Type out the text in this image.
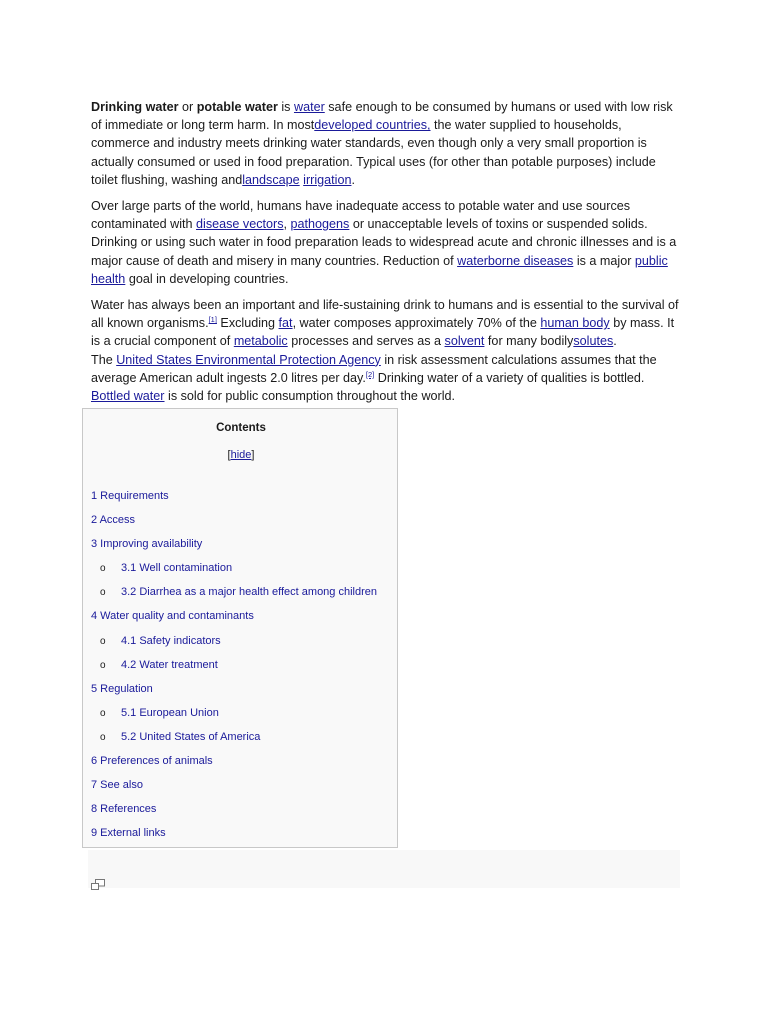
Drinking water or potable water is water safe enough to be consumed by humans or used with low risk of immediate or long term harm. In mostdeveloped countries, the water supplied to households, commerce and industry meets drinking water standards, even though only a very small proportion is actually consumed or used in food preparation. Typical uses (for other than potable purposes) include toilet flushing, washing andlandscape irrigation.

Over large parts of the world, humans have inadequate access to potable water and use sources contaminated with disease vectors, pathogens or unacceptable levels of toxins or suspended solids. Drinking or using such water in food preparation leads to widespread acute and chronic illnesses and is a major cause of death and misery in many countries. Reduction of waterborne diseases is a major public health goal in developing countries.

Water has always been an important and life-sustaining drink to humans and is essential to the survival of all known organisms.[1] Excluding fat, water composes approximately 70% of the human body by mass. It is a crucial component of metabolic processes and serves as a solvent for many bodilysolutes.
The United States Environmental Protection Agency in risk assessment calculations assumes that the average American adult ingests 2.0 litres per day.[2] Drinking water of a variety of qualities is bottled. Bottled water is sold for public consumption throughout the world.

Contents
[hide]
1 Requirements
2 Access
3 Improving availability
o 3.1 Well contamination
o 3.2 Diarrhea as a major health effect among children
4 Water quality and contaminants
o 4.1 Safety indicators
o 4.2 Water treatment
5 Regulation
o 5.1 European Union
o 5.2 United States of America
6 Preferences of animals
7 See also
8 References
9 External links
